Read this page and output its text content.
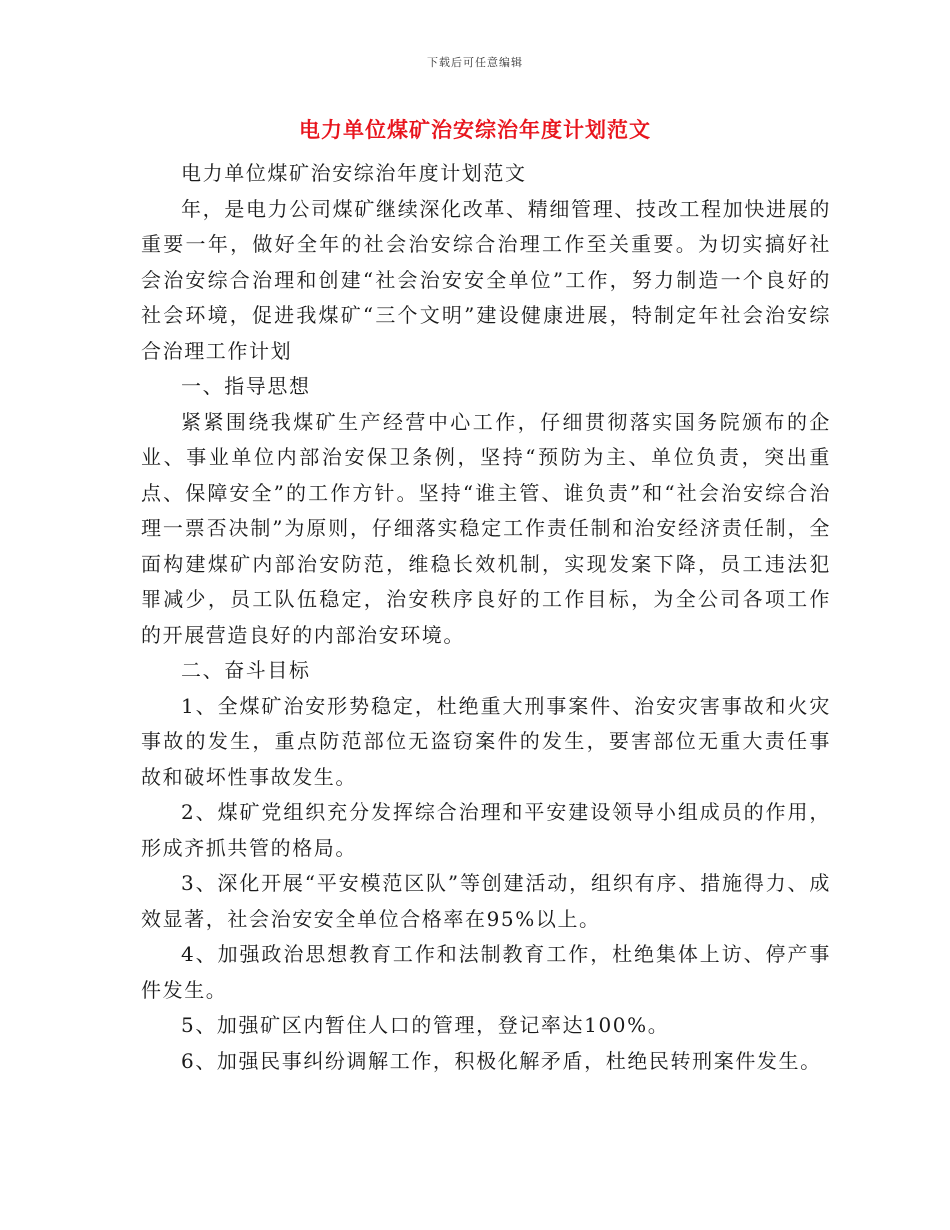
下载后可任意编辑
电力单位煤矿治安综治年度计划范文

电力单位煤矿治安综治年度计划范文

年，是电力公司煤矿继续深化改革、精细管理、技改工程加快进展的重要一年，做好全年的社会治安综合治理工作至关重要。为切实搞好社会治安综合治理和创建“社会治安安全单位”工作，努力制造一个良好的社会环境，促进我煤矿“三个文明”建设健康进展，特制定年社会治安综合治理工作计划

一、指导思想

紧紧围绕我煤矿生产经营中心工作，仔细贯彻落实国务院颁布的企业、事业单位内部治安保卫条例，坚持“预防为主、单位负责，突出重点、保障安全”的工作方针。坚持“谁主管、谁负责”和“社会治安综合治理一票否决制”为原则，仔细落实稳定工作责任制和治安经济责任制，全面构建煤矿内部治安防范，维稳长效机制，实现发案下降，员工违法犯罪减少，员工队伍稳定，治安秩序良好的工作目标，为全公司各项工作的开展营造良好的内部治安环境。

二、奋斗目标

1、全煤矿治安形势稳定，杜绝重大刑事案件、治安灾害事故和火灾事故的发生，重点防范部位无盗窃案件的发生，要害部位无重大责任事故和破坏性事故发生。

2、煤矿党组织充分发挥综合治理和平安建设领导小组成员的作用，形成齐抓共管的格局。

3、深化开展“平安模范区队”等创建活动，组织有序、措施得力、成效显著，社会治安安全单位合格率在95%以上。

4、加强政治思想教育工作和法制教育工作，杜绝集体上访、停产事件发生。

5、加强矿区内暂住人口的管理，登记率达100%。

6、加强民事纠纷调解工作，积极化解矛盾，杜绝民转刑案件发生。
